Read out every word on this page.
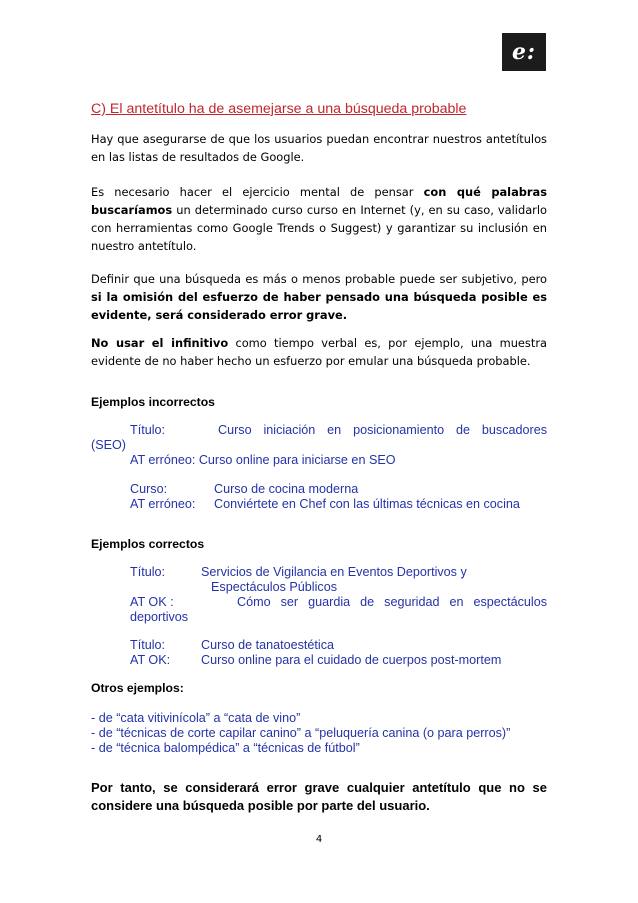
e:
C) El antetítulo ha de asemejarse a una búsqueda probable
Hay que asegurarse de que los usuarios puedan encontrar nuestros antetítulos en las listas de resultados de Google.
Es necesario hacer el ejercicio mental de pensar con qué palabras buscaríamos un determinado curso curso en Internet (y, en su caso, validarlo con herramientas como Google Trends o Suggest) y garantizar su inclusión en nuestro antetítulo.
Definir que una búsqueda es más o menos probable puede ser subjetivo, pero si la omisión del esfuerzo de haber pensado una búsqueda posible es evidente, será considerado error grave.
No usar el infinitivo como tiempo verbal es, por ejemplo, una muestra evidente de no haber hecho un esfuerzo por emular una búsqueda probable.
Ejemplos incorrectos
Título:	Curso iniciación en posicionamiento de buscadores
(SEO)
AT erróneo: Curso online para iniciarse en SEO
Curso:	Curso de cocina moderna
AT erróneo: Conviértete en Chef con las últimas técnicas en cocina
Ejemplos correctos
Título:	Servicios de Vigilancia en Eventos Deportivos y
Espectáculos Públicos
AT OK :	Cómo ser guardia de seguridad en espectáculos
deportivos
Título:	Curso de tanatoestética
AT OK: Curso online para el cuidado de cuerpos post-mortem
Otros ejemplos:
- de “cata vitivinícola” a “cata de vino”
- de “técnicas de corte capilar canino” a “peluquería canina (o para perros)”
- de “técnica balompédica” a “técnicas de fútbol”
Por tanto, se considerará error grave cualquier antetítulo que no se considere una búsqueda posible por parte del usuario.
4
